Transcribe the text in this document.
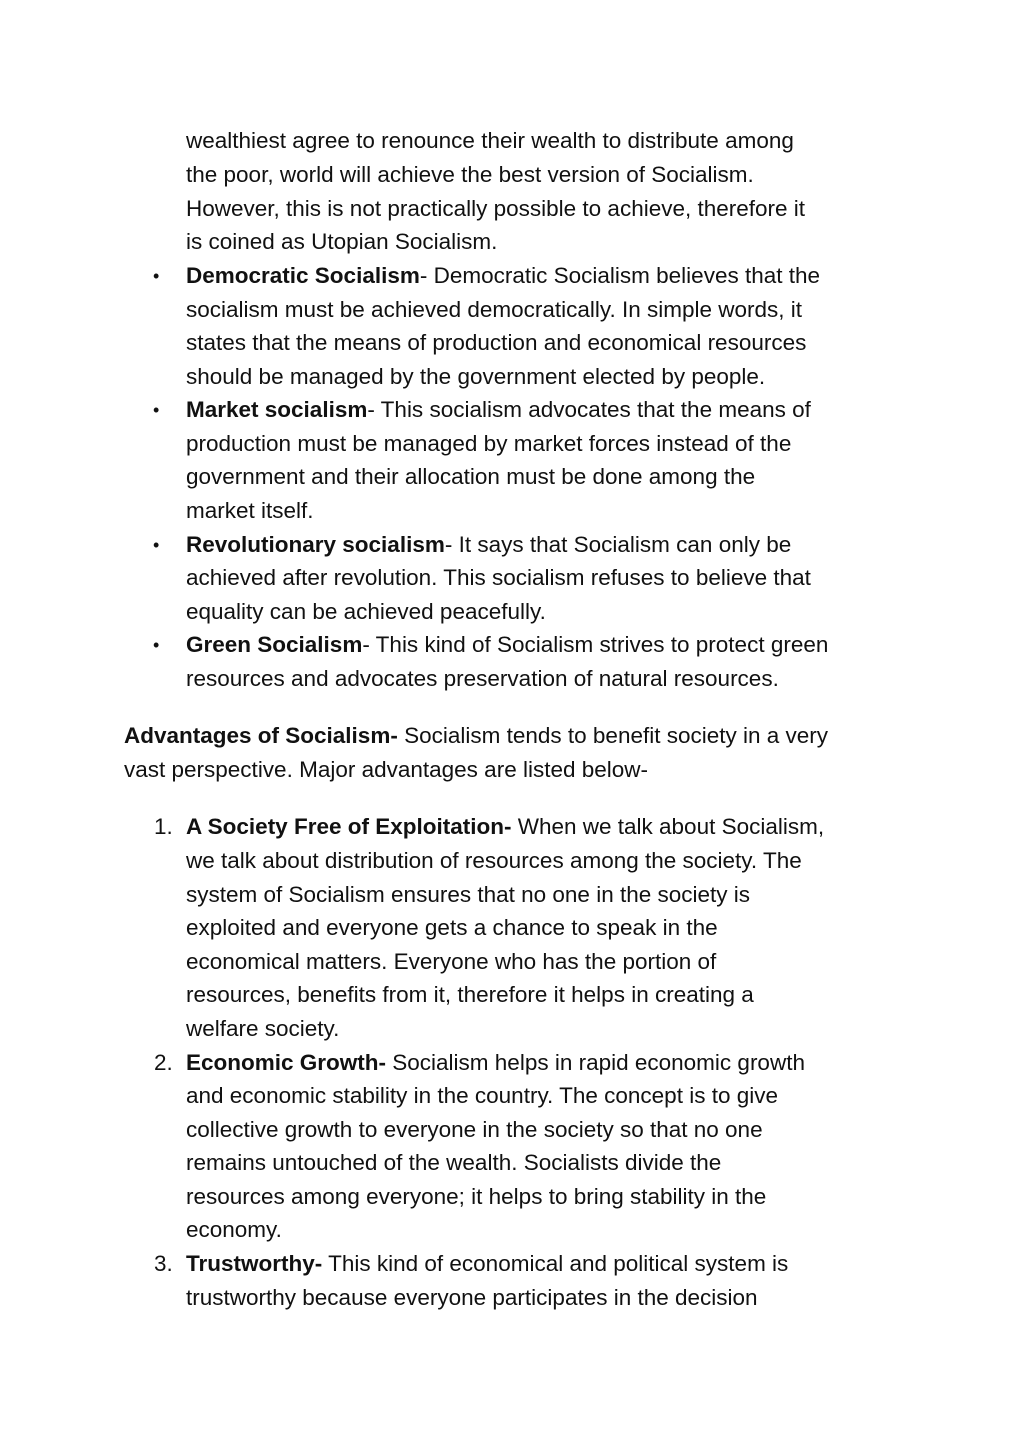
wealthiest agree to renounce their wealth to distribute among
the poor, world will achieve the best version of Socialism.
However, this is not practically possible to achieve, therefore it
is coined as Utopian Socialism.
• Democratic Socialism- Democratic Socialism believes that the
socialism must be achieved democratically. In simple words, it
states that the means of production and economical resources
should be managed by the government elected by people.
• Market socialism- This socialism advocates that the means of
production must be managed by market forces instead of the
government and their allocation must be done among the
market itself.
• Revolutionary socialism- It says that Socialism can only be
achieved after revolution. This socialism refuses to believe that
equality can be achieved peacefully.
• Green Socialism- This kind of Socialism strives to protect green
resources and advocates preservation of natural resources.
Advantages of Socialism- Socialism tends to benefit society in a very
vast perspective. Major advantages are listed below-
1. A Society Free of Exploitation- When we talk about Socialism,
we talk about distribution of resources among the society. The
system of Socialism ensures that no one in the society is
exploited and everyone gets a chance to speak in the
economical matters. Everyone who has the portion of
resources, benefits from it, therefore it helps in creating a
welfare society.
2. Economic Growth- Socialism helps in rapid economic growth
and economic stability in the country. The concept is to give
collective growth to everyone in the society so that no one
remains untouched of the wealth. Socialists divide the
resources among everyone; it helps to bring stability in the
economy.
3. Trustworthy- This kind of economical and political system is
trustworthy because everyone participates in the decision
